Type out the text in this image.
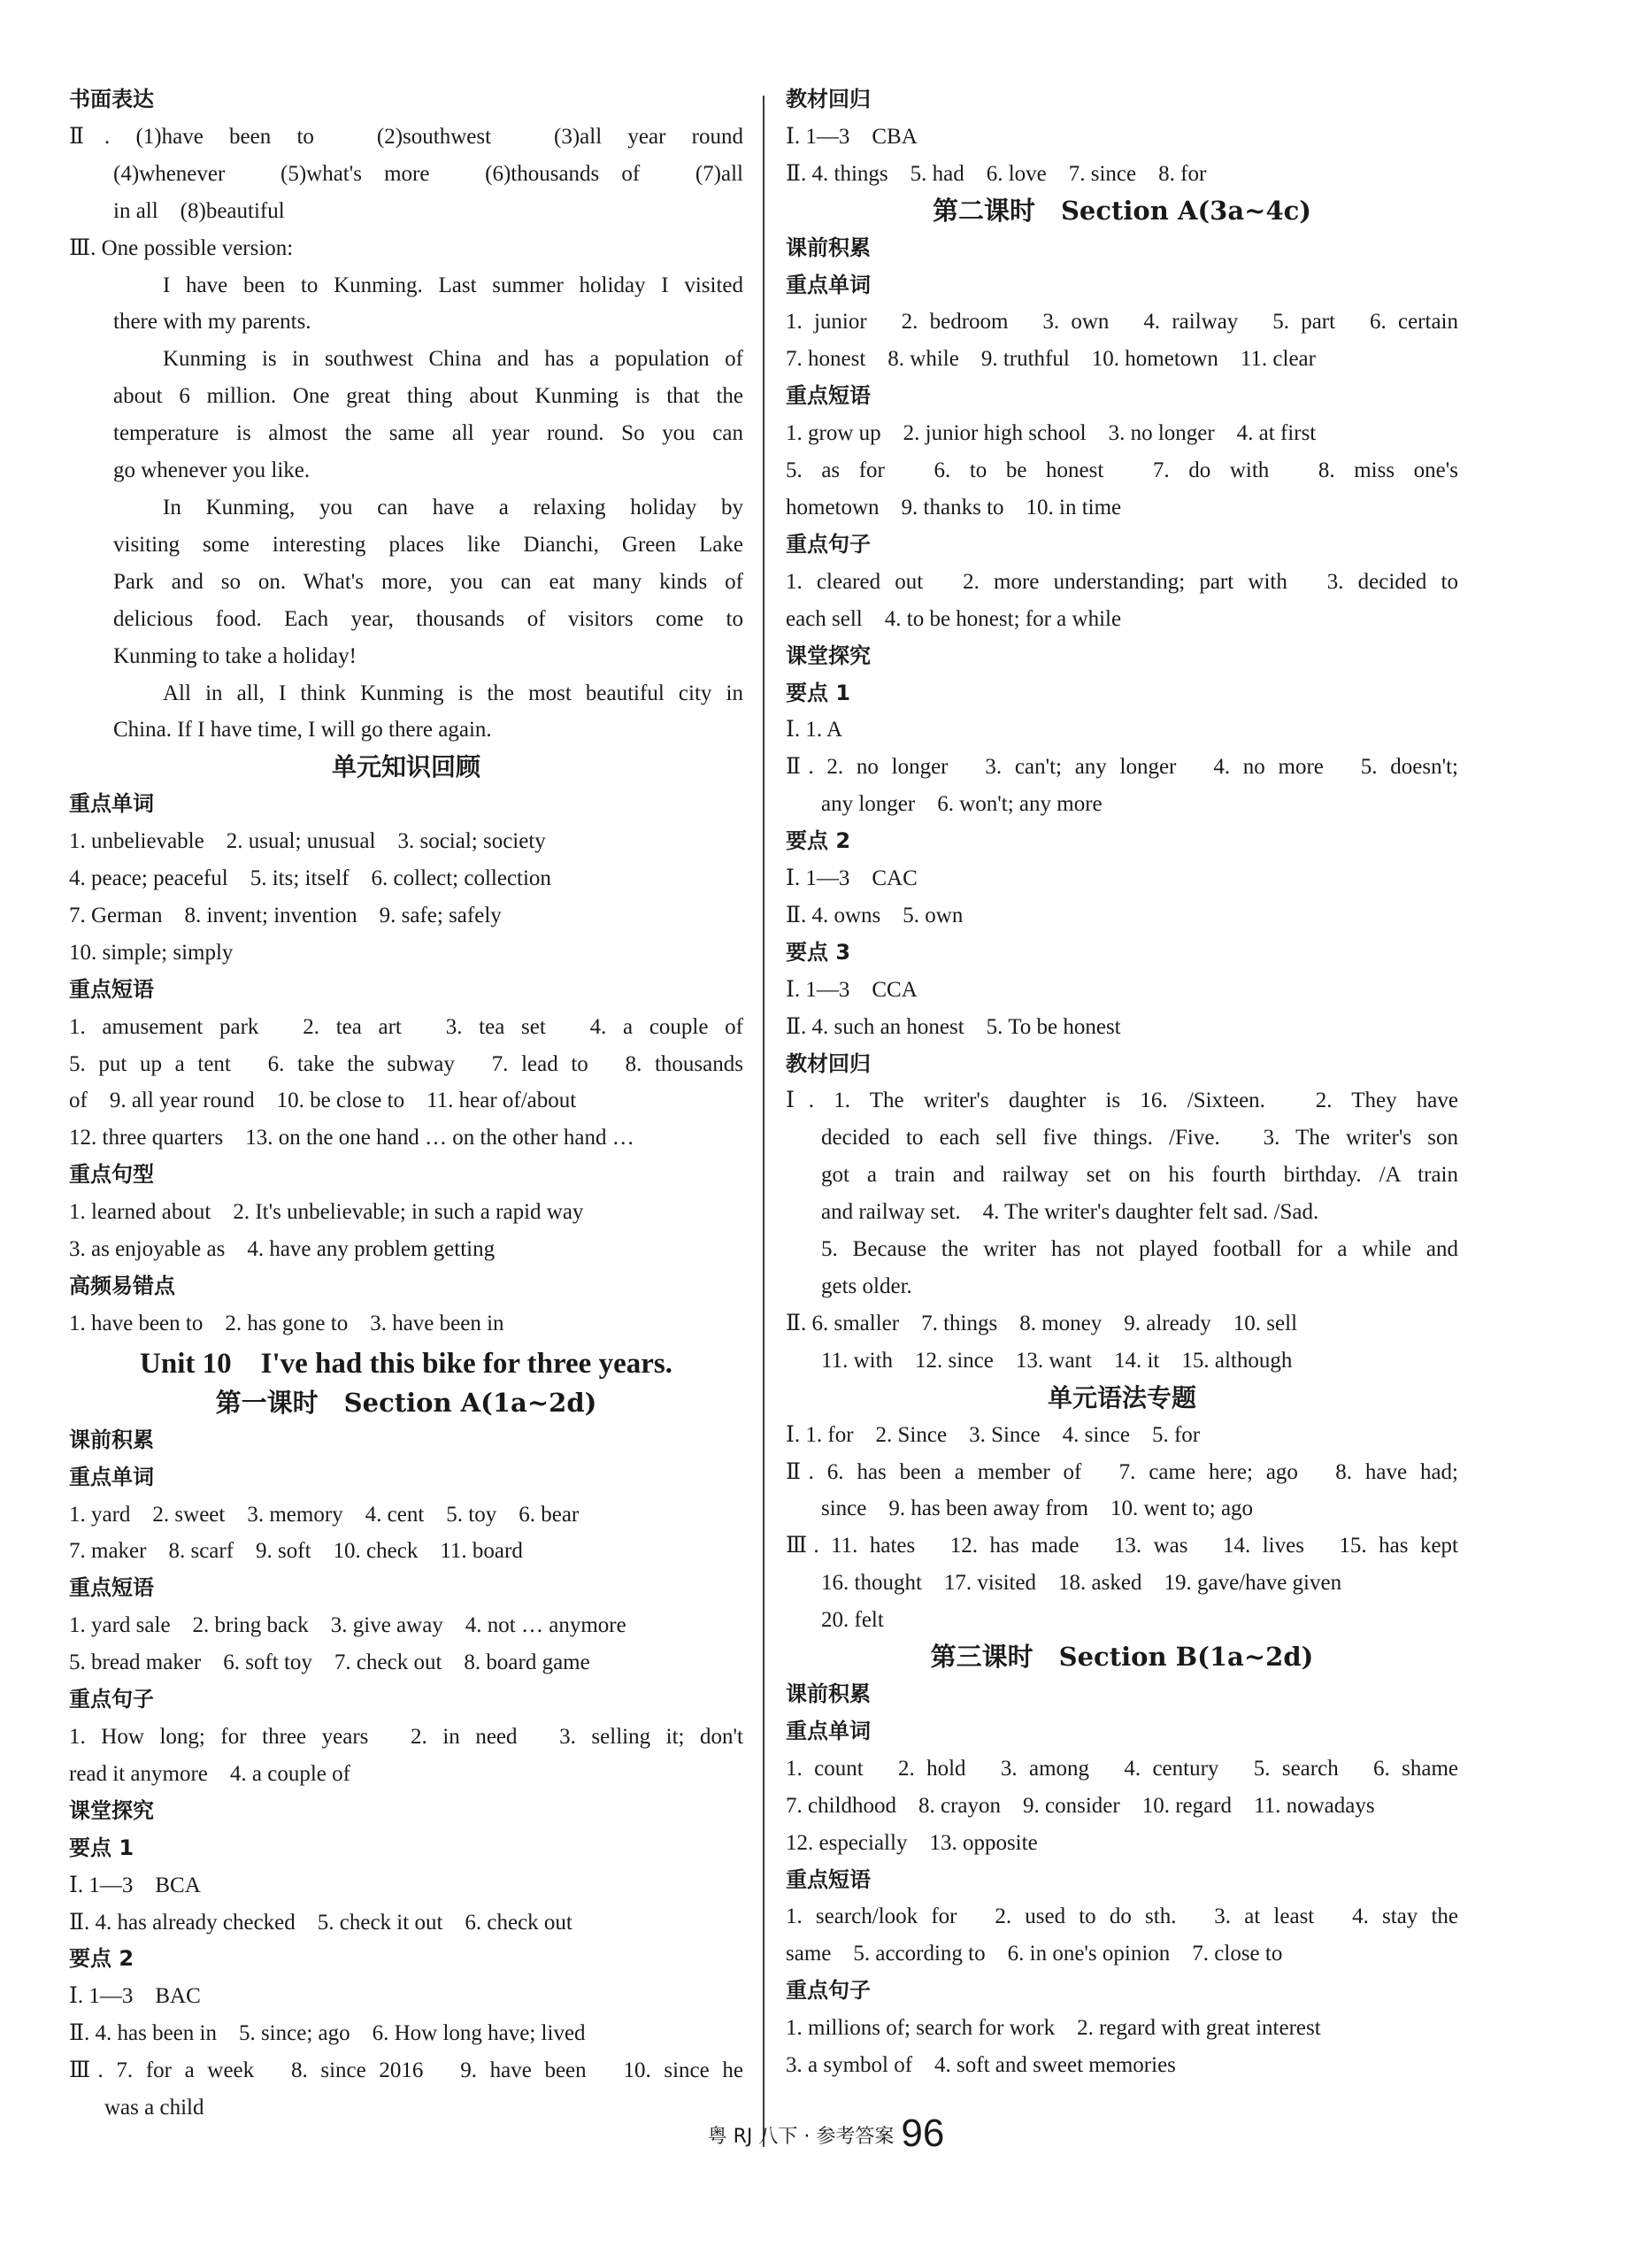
书面表达
Ⅱ. (1)have been to　(2)southwest　(3)all year round
(4)whenever　(5)what's more　(6)thousands of　(7)all
in all　(8)beautiful
Ⅲ. One possible version:
I have been to Kunming. Last summer holiday I visited
there with my parents.
Kunming is in southwest China and has a population of
about 6 million. One great thing about Kunming is that the
temperature is almost the same all year round. So you can
go whenever you like.
In Kunming, you can have a relaxing holiday by
visiting some interesting places like Dianchi, Green Lake
Park and so on. What's more, you can eat many kinds of
delicious food. Each year, thousands of visitors come to
Kunming to take a holiday!
All in all, I think Kunming is the most beautiful city in
China. If I have time, I will go there again.
单元知识回顾
重点单词
1. unbelievable　2. usual; unusual　3. social; society
4. peace; peaceful　5. its; itself　6. collect; collection
7. German　8. invent; invention　9. safe; safely
10. simple; simply
重点短语
1. amusement park　2. tea art　3. tea set　4. a couple of
5. put up a tent　6. take the subway　7. lead to　8. thousands
of　9. all year round　10. be close to　11. hear of/about
12. three quarters　13. on the one hand … on the other hand …
重点句型
1. learned about　2. It's unbelievable; in such a rapid way
3. as enjoyable as　4. have any problem getting
高频易错点
1. have been to　2. has gone to　3. have been in
Unit 10　I've had this bike for three years.
第一课时　Section A(1a~2d)
课前积累
重点单词
1. yard　2. sweet　3. memory　4. cent　5. toy　6. bear
7. maker　8. scarf　9. soft　10. check　11. board
重点短语
1. yard sale　2. bring back　3. give away　4. not … anymore
5. bread maker　6. soft toy　7. check out　8. board game
重点句子
1. How long; for three years　2. in need　3. selling it; don't
read it anymore　4. a couple of
课堂探究
要点 1
Ⅰ. 1—3　BCA
Ⅱ. 4. has already checked　5. check it out　6. check out
要点 2
Ⅰ. 1—3　BAC
Ⅱ. 4. has been in　5. since; ago　6. How long have; lived
Ⅲ. 7. for a week　8. since 2016　9. have been　10. since he
was a child
教材回归
Ⅰ. 1—3　CBA
Ⅱ. 4. things　5. had　6. love　7. since　8. for
第二课时　Section A(3a~4c)
课前积累
重点单词
1. junior　2. bedroom　3. own　4. railway　5. part　6. certain
7. honest　8. while　9. truthful　10. hometown　11. clear
重点短语
1. grow up　2. junior high school　3. no longer　4. at first
5. as for　6. to be honest　7. do with　8. miss one's
hometown　9. thanks to　10. in time
重点句子
1. cleared out　2. more understanding; part with　3. decided to
each sell　4. to be honest; for a while
课堂探究
要点 1
Ⅰ. 1. A
Ⅱ. 2. no longer　3. can't; any longer　4. no more　5. doesn't;
any longer　6. won't; any more
要点 2
Ⅰ. 1—3　CAC
Ⅱ. 4. owns　5. own
要点 3
Ⅰ. 1—3　CCA
Ⅱ. 4. such an honest　5. To be honest
教材回归
Ⅰ. 1. The writer's daughter is 16. /Sixteen.　2. They have
decided to each sell five things. /Five.　3. The writer's son
got a train and railway set on his fourth birthday. /A train
and railway set.　4. The writer's daughter felt sad. /Sad.
5. Because the writer has not played football for a while and
gets older.
Ⅱ. 6. smaller　7. things　8. money　9. already　10. sell
11. with　12. since　13. want　14. it　15. although
单元语法专题
Ⅰ. 1. for　2. Since　3. Since　4. since　5. for
Ⅱ. 6. has been a member of　7. came here; ago　8. have had;
since　9. has been away from　10. went to; ago
Ⅲ. 11. hates　12. has made　13. was　14. lives　15. has kept
16. thought　17. visited　18. asked　19. gave/have given
20. felt
第三课时　Section B(1a~2d)
课前积累
重点单词
1. count　2. hold　3. among　4. century　5. search　6. shame
7. childhood　8. crayon　9. consider　10. regard　11. nowadays
12. especially　13. opposite
重点短语
1. search/look for　2. used to do sth.　3. at least　4. stay the
same　5. according to　6. in one's opinion　7. close to
重点句子
1. millions of; search for work　2. regard with great interest
3. a symbol of　4. soft and sweet memories
粤 RJ 八下 · 参考答案 96
